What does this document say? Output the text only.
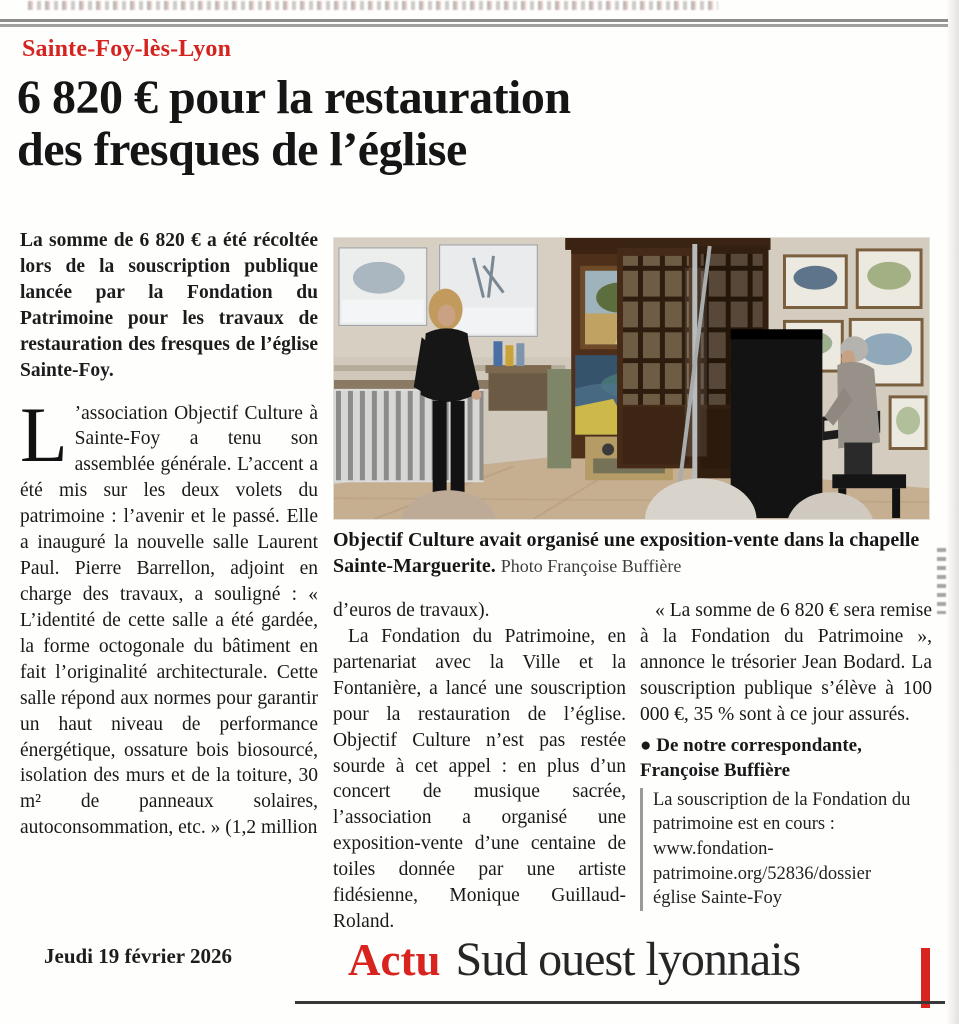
Sainte-Foy-lès-Lyon
6 820 € pour la restauration
des fresques de l’église

La somme de 6 820 € a été récoltée lors de la souscription publique lancée par la Fondation du Patrimoine pour les travaux de restauration des fresques de l’église Sainte-Foy.

L ’association Objectif Culture à Sainte-Foy a tenu son assemblée générale. L’accent a été mis sur les deux volets du patrimoine : l’avenir et le passé. Elle a inauguré la nouvelle salle Laurent Paul. Pierre Barrellon, adjoint en charge des travaux, a souligné : « L’identité de cette salle a été gardée, la forme octogonale du bâtiment en fait l’originalité architecturale. Cette salle répond aux normes pour garantir un haut niveau de performance énergétique, ossature bois biosourcé, isolation des murs et de la toiture, 30 m² de panneaux solaires, autoconsommation, etc. » (1,2 million

Objectif Culture avait organisé une exposition-vente dans la chapelle Sainte-Marguerite. Photo Françoise Buffière

d’euros de travaux).

La Fondation du Patrimoine, en partenariat avec la Ville et la Fontanière, a lancé une souscription pour la restauration de l’église. Objectif Culture n’est pas restée sourde à cet appel : en plus d’un concert de musique sacrée, l’association a organisé une exposition-vente d’une centaine de toiles donnée par une artiste fidésienne, Monique Guillaud-Roland.

« La somme de 6 820 € sera remise à la Fondation du Patrimoine », annonce le trésorier Jean Bodard. La souscription publique s’élève à 100 000 €, 35 % sont à ce jour assurés.

● De notre correspondante,
Françoise Buffière
La souscription de la Fondation du patrimoine est en cours : www.fondation-patrimoine.org/52836/dossier église Sainte-Foy
Jeudi 19 février 2026	Actu Sud ouest lyonnais
